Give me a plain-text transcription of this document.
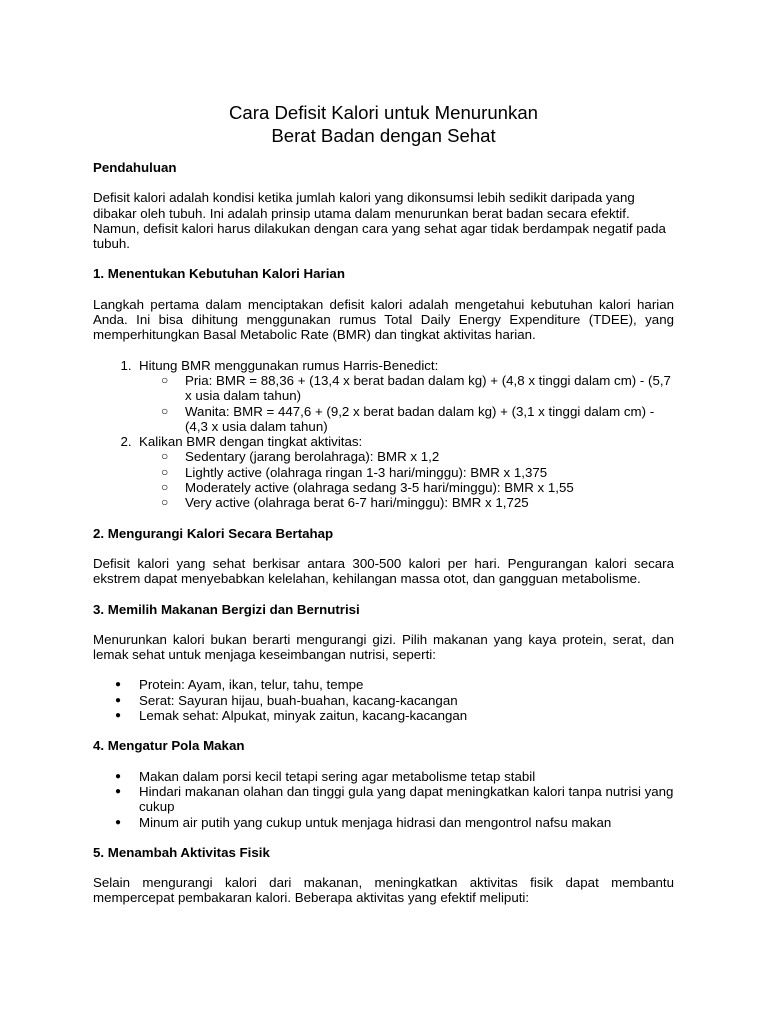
Cara Defisit Kalori untuk Menurunkan
Berat Badan dengan Sehat
Pendahuluan

Defisit kalori adalah kondisi ketika jumlah kalori yang dikonsumsi lebih sedikit daripada yang dibakar oleh tubuh. Ini adalah prinsip utama dalam menurunkan berat badan secara efektif. Namun, defisit kalori harus dilakukan dengan cara yang sehat agar tidak berdampak negatif pada tubuh.

1. Menentukan Kebutuhan Kalori Harian

Langkah pertama dalam menciptakan defisit kalori adalah mengetahui kebutuhan kalori harian Anda. Ini bisa dihitung menggunakan rumus Total Daily Energy Expenditure (TDEE), yang memperhitungkan Basal Metabolic Rate (BMR) dan tingkat aktivitas harian.

1. Hitung BMR menggunakan rumus Harris-Benedict:
○ Pria: BMR = 88,36 + (13,4 x berat badan dalam kg) + (4,8 x tinggi dalam cm) - (5,7 x usia dalam tahun)
○ Wanita: BMR = 447,6 + (9,2 x berat badan dalam kg) + (3,1 x tinggi dalam cm) - (4,3 x usia dalam tahun)
2. Kalikan BMR dengan tingkat aktivitas:
○ Sedentary (jarang berolahraga): BMR x 1,2
○ Lightly active (olahraga ringan 1-3 hari/minggu): BMR x 1,375
○ Moderately active (olahraga sedang 3-5 hari/minggu): BMR x 1,55
○ Very active (olahraga berat 6-7 hari/minggu): BMR x 1,725
2. Mengurangi Kalori Secara Bertahap

Defisit kalori yang sehat berkisar antara 300-500 kalori per hari. Pengurangan kalori secara ekstrem dapat menyebabkan kelelahan, kehilangan massa otot, dan gangguan metabolisme.

3. Memilih Makanan Bergizi dan Bernutrisi

Menurunkan kalori bukan berarti mengurangi gizi. Pilih makanan yang kaya protein, serat, dan lemak sehat untuk menjaga keseimbangan nutrisi, seperti:

● Protein: Ayam, ikan, telur, tahu, tempe
● Serat: Sayuran hijau, buah-buahan, kacang-kacangan
● Lemak sehat: Alpukat, minyak zaitun, kacang-kacangan
4. Mengatur Pola Makan
● Makan dalam porsi kecil tetapi sering agar metabolisme tetap stabil
● Hindari makanan olahan dan tinggi gula yang dapat meningkatkan kalori tanpa nutrisi yang cukup
● Minum air putih yang cukup untuk menjaga hidrasi dan mengontrol nafsu makan
5. Menambah Aktivitas Fisik

Selain mengurangi kalori dari makanan, meningkatkan aktivitas fisik dapat membantu mempercepat pembakaran kalori. Beberapa aktivitas yang efektif meliputi:
